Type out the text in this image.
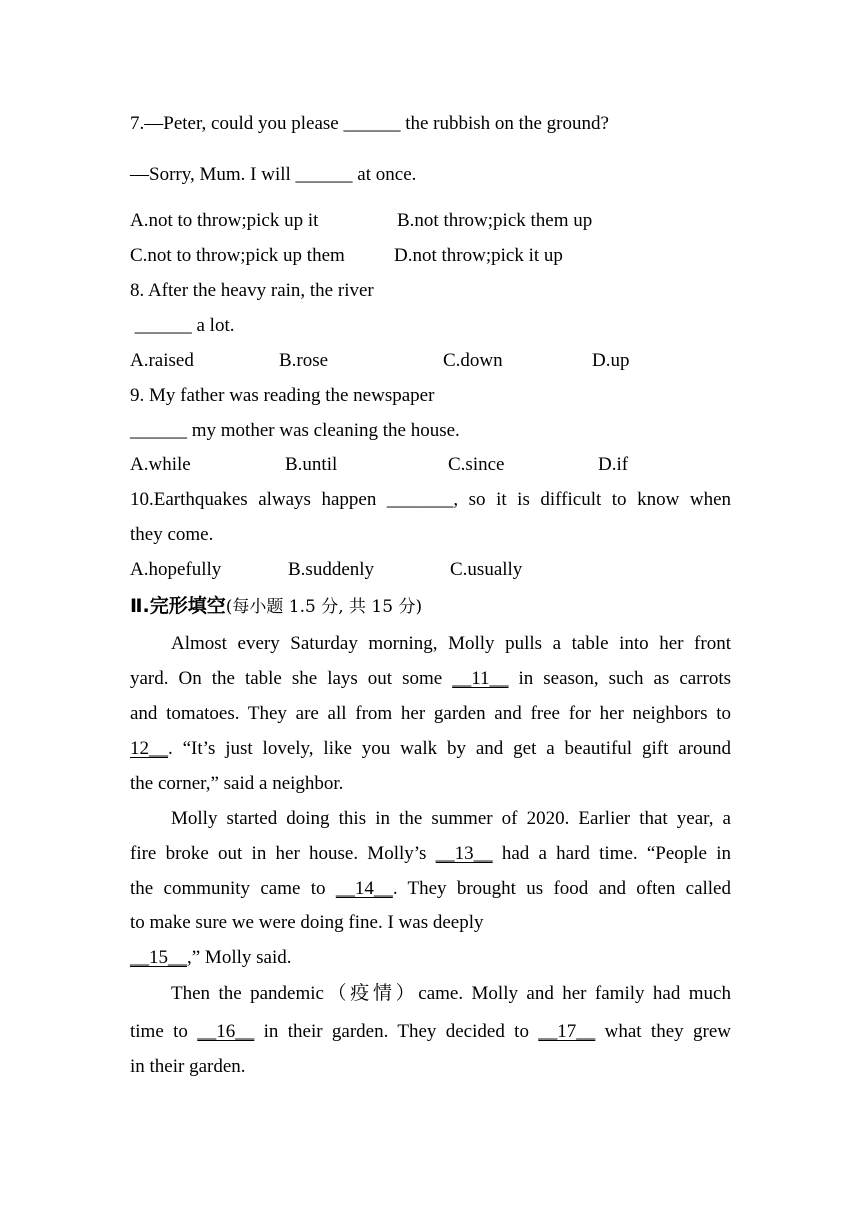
7.—Peter, could you please ______ the rubbish on the ground?
—Sorry, Mum. I will ______ at once.
A.not to throw;pick up it	B.not throw;pick them up
C.not to throw;pick up them	D.not throw;pick it up
8. After the heavy rain, the river
______ a lot.
A.raised	B.rose	C.down	D.up
9. My father was reading the newspaper
______ my mother was cleaning the house.
A.while	B.until	C.since	D.if
10.Earthquakes always happen _______, so it is difficult to know when
they come.
A.hopefully	B.suddenly	C.usually
Ⅱ.完形填空(每小题 1.5 分, 共 15 分)
Almost every Saturday morning, Molly pulls a table into her front
yard. On the table she lays out some __11__ in season, such as carrots
and tomatoes. They are all from her garden and free for her neighbors to
12__. “It’s just lovely, like you walk by and get a beautiful gift around
the corner,” said a neighbor.
Molly started doing this in the summer of 2020. Earlier that year, a
fire broke out in her house. Molly’s __13__ had a hard time. “People in
the community came to __14__. They brought us food and often called
to make sure we were doing fine. I was deeply
__15__,” Molly said.
Then the pandemic（疫情）came. Molly and her family had much
time to __16__ in their garden. They decided to __17__ what they grew
in their garden.
